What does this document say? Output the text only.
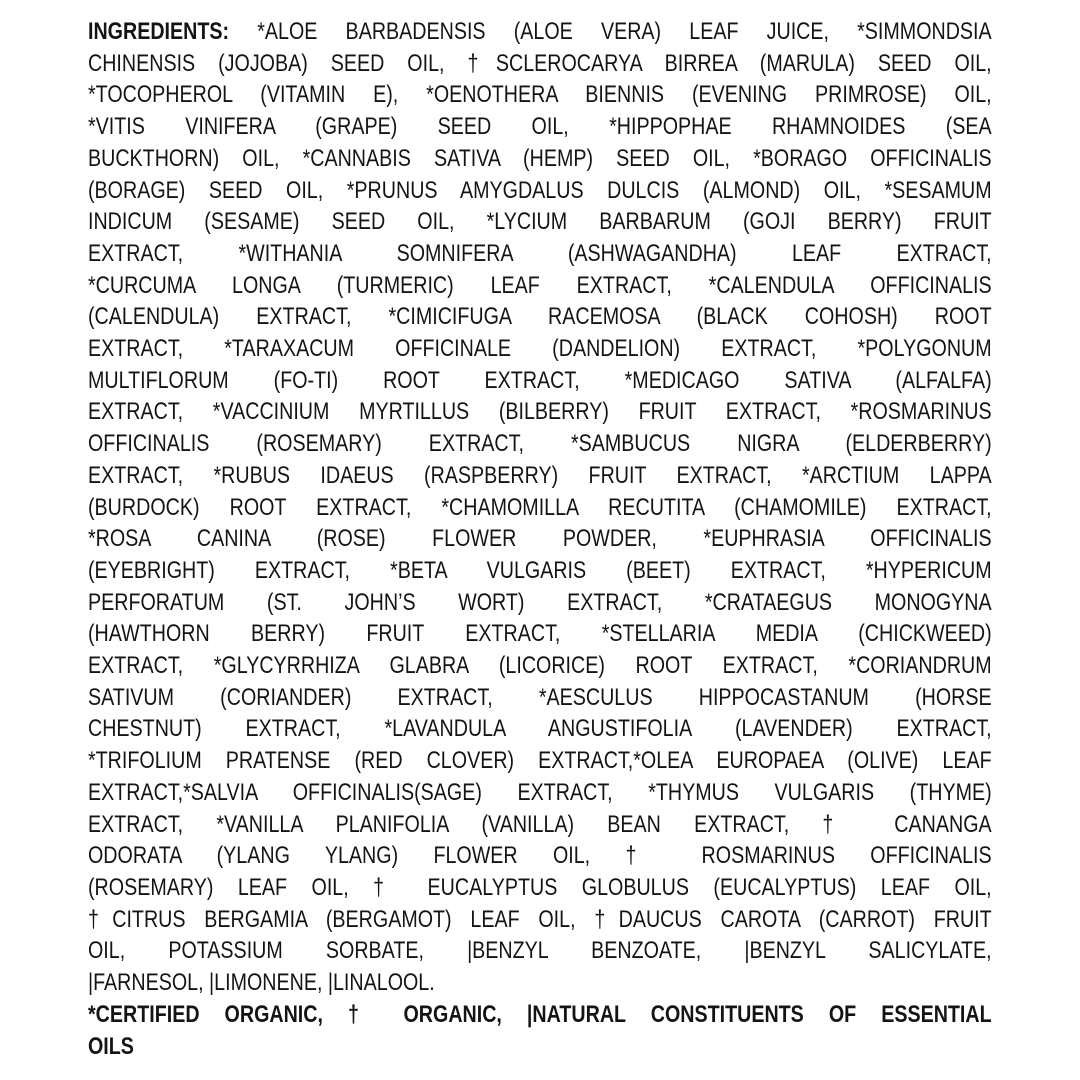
INGREDIENTS: *ALOE BARBADENSIS (ALOE VERA) LEAF JUICE, *SIMMONDSIA
CHINENSIS (JOJOBA) SEED OIL, †SCLEROCARYA BIRREA (MARULA) SEED OIL,
*TOCOPHEROL (VITAMIN E), *OENOTHERA BIENNIS (EVENING PRIMROSE) OIL,
*VITIS VINIFERA (GRAPE) SEED OIL, *HIPPOPHAE RHAMNOIDES (SEA
BUCKTHORN) OIL, *CANNABIS SATIVA (HEMP) SEED OIL, *BORAGO OFFICINALIS
(BORAGE) SEED OIL, *PRUNUS AMYGDALUS DULCIS (ALMOND) OIL, *SESAMUM
INDICUM (SESAME) SEED OIL, *LYCIUM BARBARUM (GOJI BERRY) FRUIT
EXTRACT, *WITHANIA SOMNIFERA (ASHWAGANDHA) LEAF EXTRACT,
*CURCUMA LONGA (TURMERIC) LEAF EXTRACT, *CALENDULA OFFICINALIS
(CALENDULA) EXTRACT, *CIMICIFUGA RACEMOSA (BLACK COHOSH) ROOT
EXTRACT, *TARAXACUM OFFICINALE (DANDELION) EXTRACT, *POLYGONUM
MULTIFLORUM (FO-TI) ROOT EXTRACT, *MEDICAGO SATIVA (ALFALFA)
EXTRACT, *VACCINIUM MYRTILLUS (BILBERRY) FRUIT EXTRACT, *ROSMARINUS
OFFICINALIS (ROSEMARY) EXTRACT, *SAMBUCUS NIGRA (ELDERBERRY)
EXTRACT, *RUBUS IDAEUS (RASPBERRY) FRUIT EXTRACT, *ARCTIUM LAPPA
(BURDOCK) ROOT EXTRACT, *CHAMOMILLA RECUTITA (CHAMOMILE) EXTRACT,
*ROSA CANINA (ROSE) FLOWER POWDER, *EUPHRASIA OFFICINALIS
(EYEBRIGHT) EXTRACT, *BETA VULGARIS (BEET) EXTRACT, *HYPERICUM
PERFORATUM (ST. JOHN’S WORT) EXTRACT, *CRATAEGUS MONOGYNA
(HAWTHORN BERRY) FRUIT EXTRACT, *STELLARIA MEDIA (CHICKWEED)
EXTRACT, *GLYCYRRHIZA GLABRA (LICORICE) ROOT EXTRACT, *CORIANDRUM
SATIVUM (CORIANDER) EXTRACT, *AESCULUS HIPPOCASTANUM (HORSE
CHESTNUT) EXTRACT, *LAVANDULA ANGUSTIFOLIA (LAVENDER) EXTRACT,
*TRIFOLIUM PRATENSE (RED CLOVER) EXTRACT,*OLEA EUROPAEA (OLIVE) LEAF
EXTRACT,*SALVIA OFFICINALIS(SAGE) EXTRACT, *THYMUS VULGARIS (THYME)
EXTRACT, *VANILLA PLANIFOLIA (VANILLA) BEAN EXTRACT, † CANANGA
ODORATA (YLANG YLANG) FLOWER OIL, † ROSMARINUS OFFICINALIS
(ROSEMARY) LEAF OIL, † EUCALYPTUS GLOBULUS (EUCALYPTUS) LEAF OIL,
†CITRUS BERGAMIA (BERGAMOT) LEAF OIL, †DAUCUS CAROTA (CARROT) FRUIT
OIL, POTASSIUM SORBATE, |BENZYL BENZOATE, |BENZYL SALICYLATE,
|FARNESOL, |LIMONENE, |LINALOOL.
*CERTIFIED ORGANIC, † ORGANIC, |NATURAL CONSTITUENTS OF ESSENTIAL
OILS
